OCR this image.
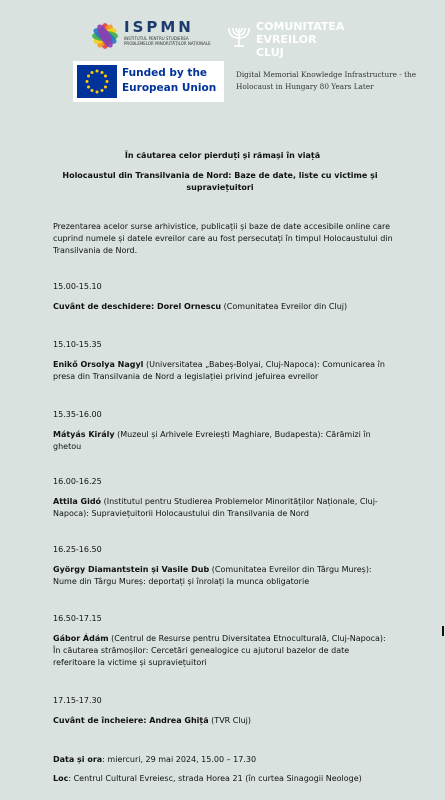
ISPMN
INSTITUTUL PENTRU STUDIEREA PROBLEMELOR MINORITĂȚILOR NAȚIONALE
COMUNITATEA EVREILOR CLUJ
Funded by the European Union
Digital Memorial Knowledge Infrastructure - the Holocaust in Hungary 80 Years Later
În căutarea celor pierduți și rămași în viață
Holocaustul din Transilvania de Nord: Baze de date, liste cu victime și supraviețuitori
Prezentarea acelor surse arhivistice, publicații și baze de date accesibile online care cuprind numele și datele evreilor care au fost persecutați în timpul Holocaustului din Transilvania de Nord.
15.00-15.10
Cuvânt de deschidere: Dorel Ornescu (Comunitatea Evreilor din Cluj)
15.10-15.35
Enikő Orsolya Nagyl (Universitatea „Babeș-Bolyai, Cluj-Napoca): Comunicarea în presa din Transilvania de Nord a legislației privind jefuirea evreilor
15.35-16.00
Mátyás Király (Muzeul și Arhivele Evreiești Maghiare, Budapesta): Cărămizi în ghetou
16.00-16.25
Attila Gidó (Institutul pentru Studierea Problemelor Minorităților Naționale, Cluj-Napoca): Supraviețuitorii Holocaustului din Transilvania de Nord
16.25-16.50
György Diamantstein și Vasile Dub (Comunitatea Evreilor din Târgu Mureș): Nume din Târgu Mureș: deportați și înrolați la munca obligatorie
16.50-17.15
Gábor Ádám (Centrul de Resurse pentru Diversitatea Etnoculturală, Cluj-Napoca): În căutarea strămoșilor: Cercetări genealogice cu ajutorul bazelor de date referitoare la victime și supraviețuitori
17.15-17.30
Cuvânt de încheiere: Andrea Ghiță (TVR Cluj)
Data și ora: miercuri, 29 mai 2024, 15.00 – 17.30
Loc: Centrul Cultural Evreiesc, strada Horea 21 (în curtea Sinagogii Neologe)
